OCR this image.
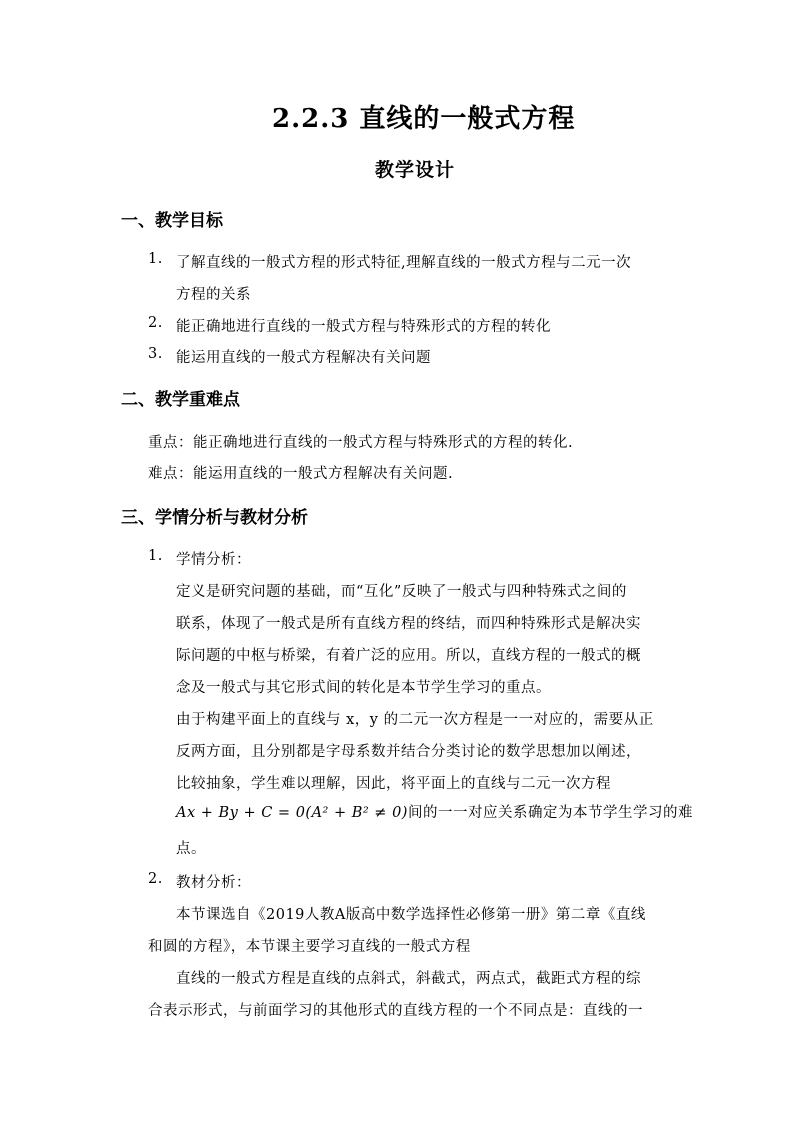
2.2.3 直线的一般式方程
教学设计
一、教学目标
1. 了解直线的一般式方程的形式特征,理解直线的一般式方程与二元一次
方程的关系
2. 能正确地进行直线的一般式方程与特殊形式的方程的转化
3. 能运用直线的一般式方程解决有关问题
二、教学重难点
重点：能正确地进行直线的一般式方程与特殊形式的方程的转化.
难点：能运用直线的一般式方程解决有关问题.
三、学情分析与教材分析
1. 学情分析：
定义是研究问题的基础，而“互化”反映了一般式与四种特殊式之间的
联系，体现了一般式是所有直线方程的终结，而四种特殊形式是解决实
际问题的中枢与桥梁，有着广泛的应用。所以，直线方程的一般式的概
念及一般式与其它形式间的转化是本节学生学习的重点。
由于构建平面上的直线与 x，y 的二元一次方程是一一对应的，需要从正
反两方面，且分别都是字母系数并结合分类讨论的数学思想加以阐述，
比较抽象，学生难以理解，因此，将平面上的直线与二元一次方程
Ax + By + C = 0(A² + B² ≠ 0)间的一一对应关系确定为本节学生学习的难
点。
2. 教材分析：
本节课选自《2019人教A版高中数学选择性必修第一册》第二章《直线
和圆的方程》，本节课主要学习直线的一般式方程
直线的一般式方程是直线的点斜式，斜截式，两点式，截距式方程的综
合表示形式，与前面学习的其他形式的直线方程的一个不同点是：直线的一
